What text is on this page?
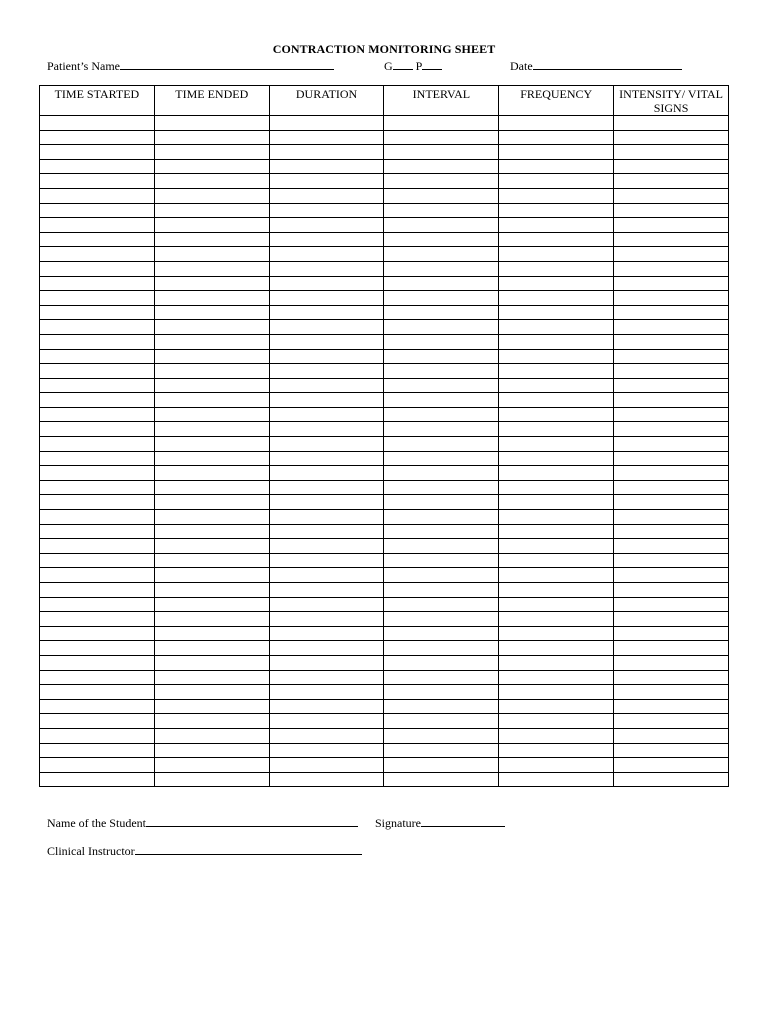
CONTRACTION MONITORING SHEET
Patient’s Name	G P	Date
TIME STARTED	TIME ENDED	DURATION	INTERVAL	FREQUENCY	INTENSITY/ VITAL SIGNS

Name of the Student	Signature
Clinical Instructor
